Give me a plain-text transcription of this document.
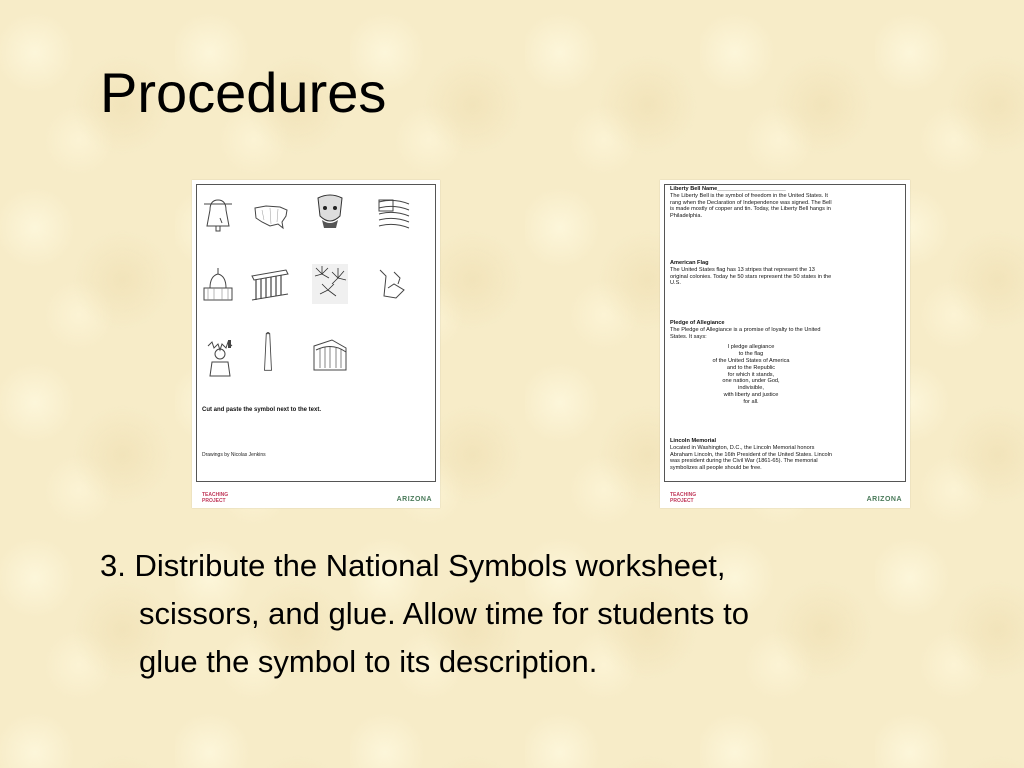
Procedures
Cut and paste the symbol next to the text.
Drawings by Nicolas Jenkins
TEACHING
PROJECT	ARIZONA
Liberty Bell Name______________________
The Liberty Bell is the symbol of freedom in the United States. It rang when the Declaration of Independence was signed. The Bell is made mostly of copper and tin. Today, the Liberty Bell hangs in Philadelphia.
American Flag
The United States flag has 13 stripes that represent the 13 original colonies. Today he 50 stars represent the 50 states in the U.S.
Pledge of Allegiance
The Pledge of Allegiance is a promise of loyalty to the United States. It says:
I pledge allegiance
to the flag
of the United States of America
and to the Republic
for which it stands,
one nation, under God,
indivisible,
with liberty and justice
for all.
Lincoln Memorial
Located in Washington, D.C., the Lincoln Memorial honors Abraham Lincoln, the 16th President of the United States. Lincoln was president during the Civil War (1861-65). The memorial symbolizes all people should be free.
TEACHING
PROJECT	ARIZONA
3. Distribute the National Symbols worksheet,
scissors, and glue. Allow time for students to
glue the symbol to its description.
